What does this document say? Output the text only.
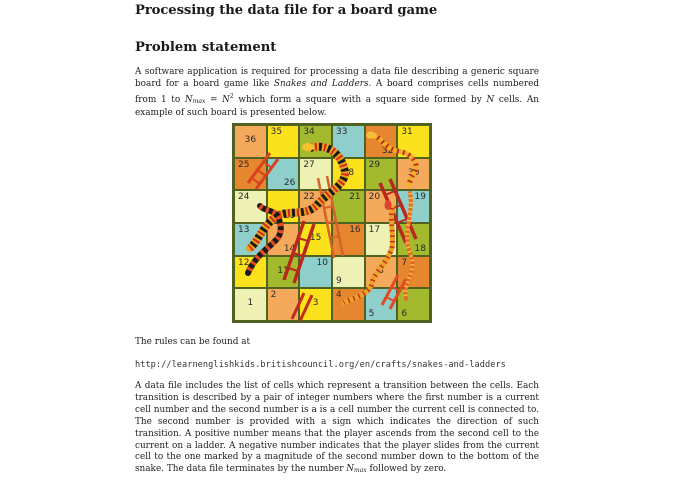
Processing the data file for a board game
Problem statement

A software application is required for processing a data file describing a generic square board for a board game like Snakes and Ladders. A board comprises cells numbered from 1 to $Nmax = N^2$ which form a square with a square side formed by N cells. An example of such board is presented below.

36
35 34 33
32
31
25
26
27
28
29
30
24
23
22	21 20	19
13
14
15
16 17
18
12
11
10
9
8
7
1
2
3
4
5	6

The rules can be found at

http://learnenglishkids.britishcouncil.org/en/crafts/snakes-and-ladders

A data file includes the list of cells which represent a transition between the cells. Each transition is described by a pair of integer numbers where the first number is a current cell number and the second number is a is a cell number the current cell is connected to. The second number is provided with a sign which indicates the direction of such transition. A positive number means that the player ascends from the second cell to the current on a ladder. A negative number indicates that the player slides from the current cell to the one marked by a magnitude of the second number down to the bottom of the snake. The data file terminates by the number Nmax followed by zero.
